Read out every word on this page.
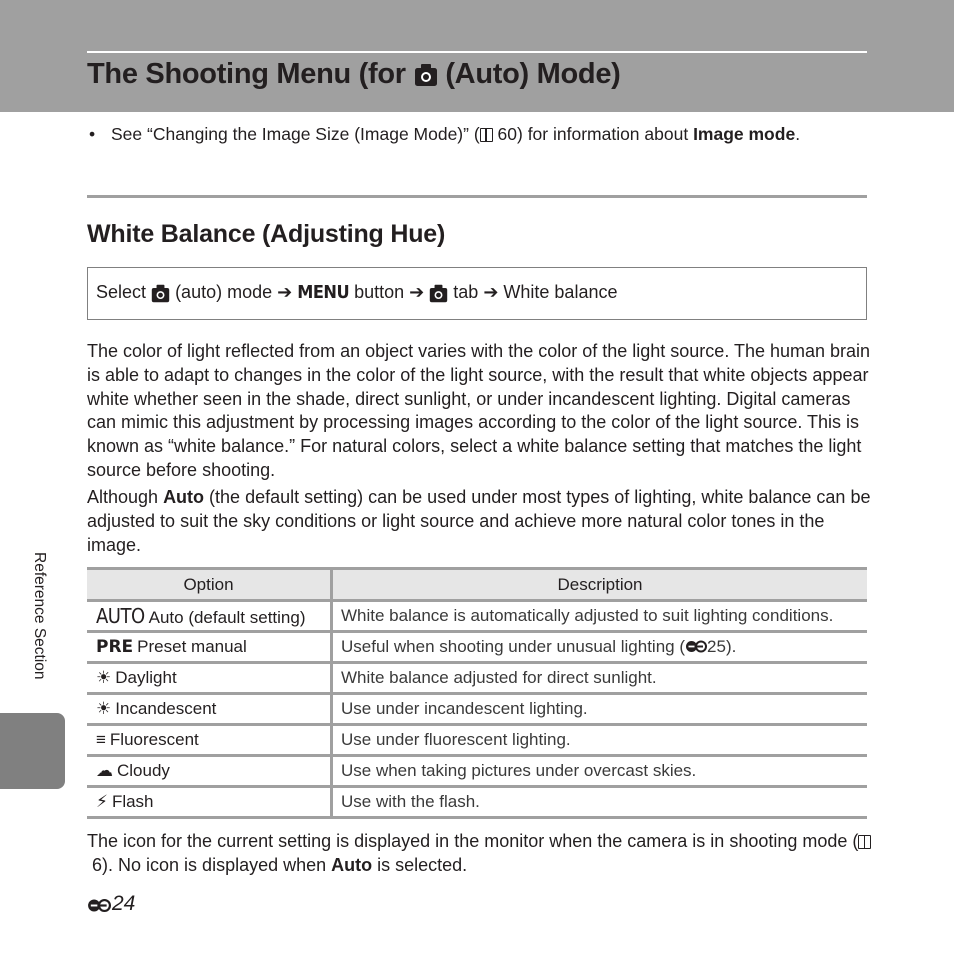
The Shooting Menu (for (Auto) Mode)
• See “Changing the Image Size (Image Mode)” ( 60) for information about Image mode.
White Balance (Adjusting Hue)
Select (auto) mode ➔ MENU button ➔ tab ➔ White balance

The color of light reflected from an object varies with the color of the light source. The human brain is able to adapt to changes in the color of the light source, with the result that white objects appear white whether seen in the shade, direct sunlight, or under incandescent lighting. Digital cameras can mimic this adjustment by processing images according to the color of the light source. This is known as “white balance.” For natural colors, select a white balance setting that matches the light source before shooting.

Although Auto (the default setting) can be used under most types of lighting, white balance can be adjusted to suit the sky conditions or light source and achieve more natural color tones in the image.

Option	Description
AUTO Auto (default setting)	White balance is automatically adjusted to suit lighting conditions.
PRE Preset manual	Useful when shooting under unusual lighting ( 25).
☀ Daylight	White balance adjusted for direct sunlight.
☀ Incandescent	Use under incandescent lighting.
≡ Fluorescent	Use under fluorescent lighting.
☁ Cloudy	Use when taking pictures under overcast skies.
⚡ Flash	Use with the flash.

The icon for the current setting is displayed in the monitor when the camera is in shooting mode ( 6). No icon is displayed when Auto is selected.

Reference Section
24
